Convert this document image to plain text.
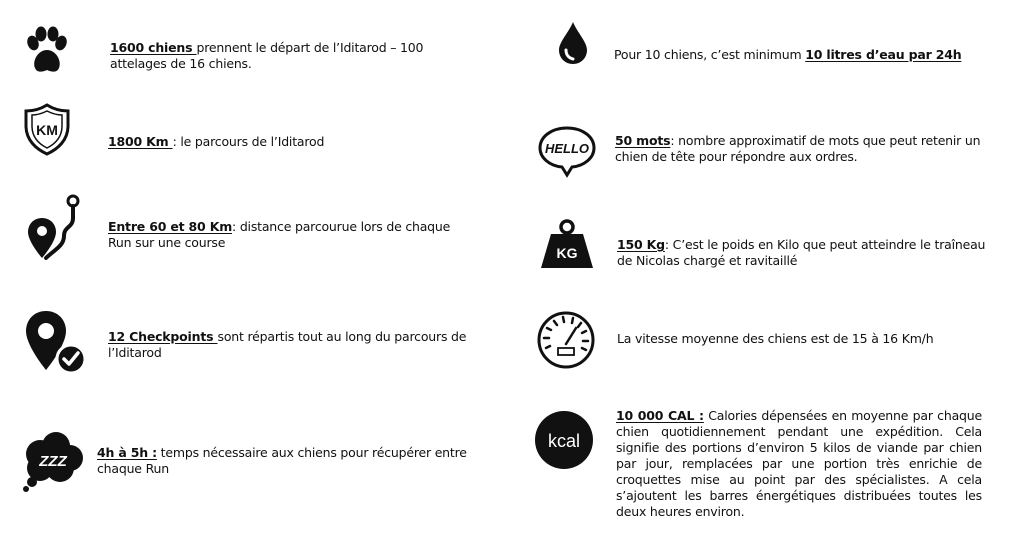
1600 chiens prennent le départ de l’Iditarod – 100 attelages de 16 chiens.
KM
1800 Km : le parcours de l’Iditarod
Entre 60 et 80 Km: distance parcourue lors de chaque Run sur une course
12 Checkpoints sont répartis tout au long du parcours de l’Iditarod
ZZZ
4h à 5h : temps nécessaire aux chiens pour récupérer entre chaque Run
Pour 10 chiens, c’est minimum 10 litres d’eau par 24h
HELLO
50 mots: nombre approximatif de mots que peut retenir un chien de tête pour répondre aux ordres.
KG
150 Kg: C’est le poids en Kilo que peut atteindre le traîneau de Nicolas chargé et ravitaillé
La vitesse moyenne des chiens est de 15 à 16 Km/h
kcal
10 000 CAL : Calories dépensées en moyenne par chaque chien quotidiennement pendant une expédition. Cela signifie des portions d’environ 5 kilos de viande par chien par jour, remplacées par une portion très enrichie de croquettes mise au point par des spécialistes. A cela s’ajoutent les barres énergétiques distribuées toutes les deux heures environ.
